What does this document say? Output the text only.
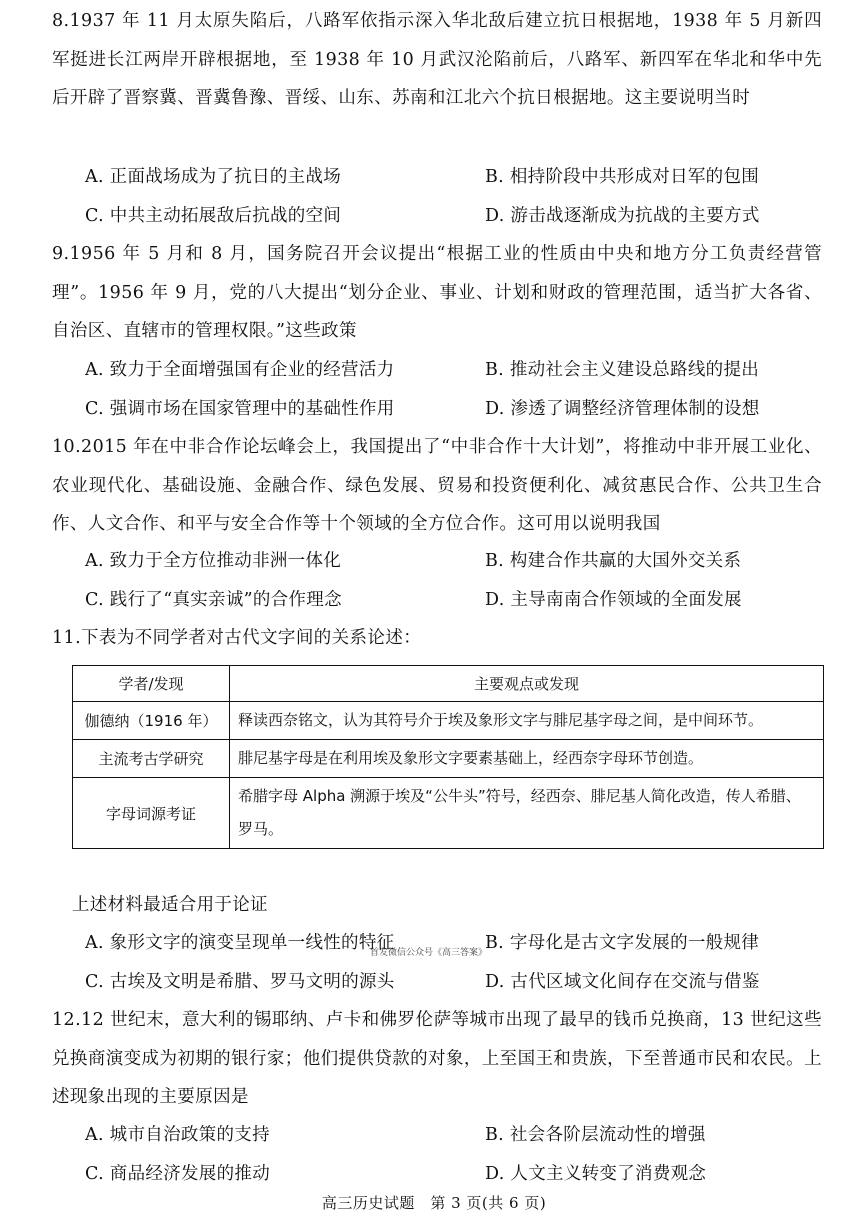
8.1937 年 11 月太原失陷后，八路军依指示深入华北敌后建立抗日根据地，1938 年 5 月新四军挺进长江两岸开辟根据地，至 1938 年 10 月武汉沦陷前后，八路军、新四军在华北和华中先后开辟了晋察冀、晋冀鲁豫、晋绥、山东、苏南和江北六个抗日根据地。这主要说明当时
A. 正面战场成为了抗日的主战场	B. 相持阶段中共形成对日军的包围
C. 中共主动拓展敌后抗战的空间	D. 游击战逐渐成为抗战的主要方式
9.1956 年 5 月和 8 月，国务院召开会议提出“根据工业的性质由中央和地方分工负责经营管理”。1956 年 9 月，党的八大提出“划分企业、事业、计划和财政的管理范围，适当扩大各省、自治区、直辖市的管理权限。”这些政策
A. 致力于全面增强国有企业的经营活力	B. 推动社会主义建设总路线的提出
C. 强调市场在国家管理中的基础性作用	D. 渗透了调整经济管理体制的设想
10.2015 年在中非合作论坛峰会上，我国提出了“中非合作十大计划”，将推动中非开展工业化、农业现代化、基础设施、金融合作、绿色发展、贸易和投资便利化、减贫惠民合作、公共卫生合作、人文合作、和平与安全合作等十个领域的全方位合作。这可用以说明我国
A. 致力于全方位推动非洲一体化	B. 构建合作共赢的大国外交关系
C. 践行了“真实亲诚”的合作理念	D. 主导南南合作领域的全面发展
11.下表为不同学者对古代文字间的关系论述：
学者/发现	主要观点或发现
伽德纳（1916 年）	释读西奈铭文，认为其符号介于埃及象形文字与腓尼基字母之间，是中间环节。
主流考古学研究	腓尼基字母是在利用埃及象形文字要素基础上，经西奈字母环节创造。
字母词源考证	希腊字母 Alpha 溯源于埃及“公牛头”符号，经西奈、腓尼基人简化改造，传人希腊、罗马。
上述材料最适合用于论证
A. 象形文字的演变呈现单一线性的特征	B. 字母化是古文字发展的一般规律
C. 古埃及文明是希腊、罗马文明的源头	D. 古代区域文化间存在交流与借鉴
首发微信公众号《高三答案》
12.12 世纪末，意大利的锡耶纳、卢卡和佛罗伦萨等城市出现了最早的钱币兑换商，13 世纪这些兑换商演变成为初期的银行家；他们提供贷款的对象，上至国王和贵族，下至普通市民和农民。上述现象出现的主要原因是
A. 城市自治政策的支持	B. 社会各阶层流动性的增强
C. 商品经济发展的推动	D. 人文主义转变了消费观念
高三历史试题　第 3 页(共 6 页)
